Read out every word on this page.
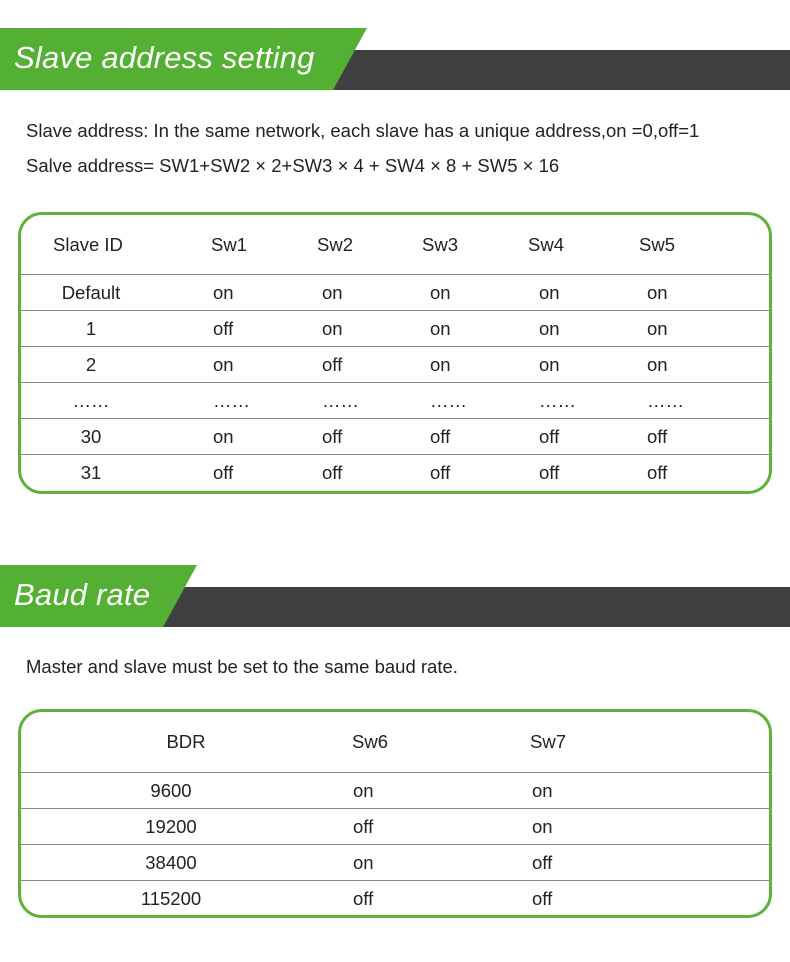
Slave address setting
Slave address: In the same network, each slave has a unique address,on =0,off=1
Salve address= SW1+SW2 × 2+SW3 × 4 + SW4 × 8 + SW5 × 16
Slave ID	Sw1	Sw2	Sw3	Sw4	Sw5
Default	on	on	on	on	on
1	off	on	on	on	on
2	on	off	on	on	on
……	……	……	……	……	……
30	on	off	off	off	off
31	off	off	off	off	off
Baud rate
Master and slave must be set to the same baud rate.
BDR	Sw6	Sw7
9600	on	on
19200	off	on
38400	on	off
115200	off	off
